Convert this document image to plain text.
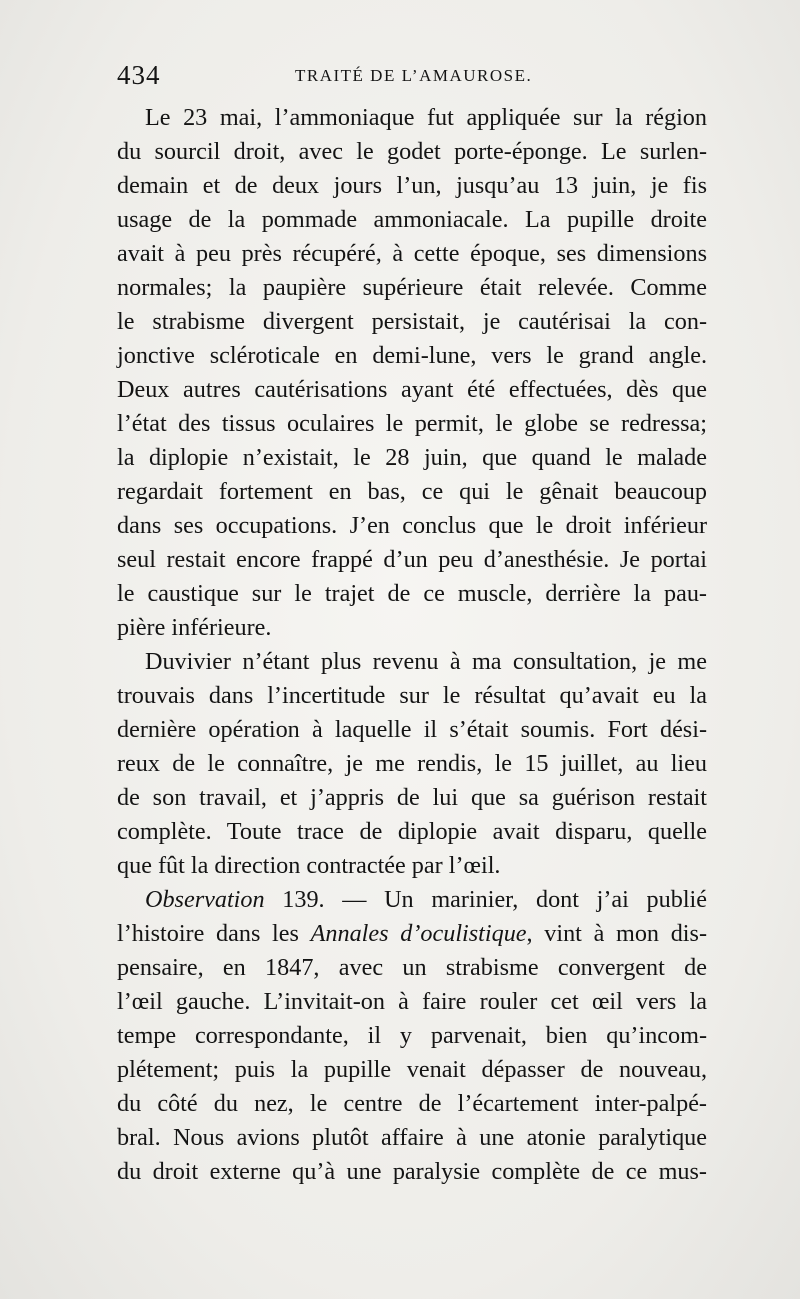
434	TRAITÉ DE L’AMAUROSE.
Le 23 mai, l’ammoniaque fut appliquée sur la région
du sourcil droit, avec le godet porte-éponge. Le surlen-
demain et de deux jours l’un, jusqu’au 13 juin, je fis
usage de la pommade ammoniacale. La pupille droite
avait à peu près récupéré, à cette époque, ses dimensions
normales; la paupière supérieure était relevée. Comme
le strabisme divergent persistait, je cautérisai la con-
jonctive scléroticale en demi-lune, vers le grand angle.
Deux autres cautérisations ayant été effectuées, dès que
l’état des tissus oculaires le permit, le globe se redressa;
la diplopie n’existait, le 28 juin, que quand le malade
regardait fortement en bas, ce qui le gênait beaucoup
dans ses occupations. J’en conclus que le droit inférieur
seul restait encore frappé d’un peu d’anesthésie. Je portai
le caustique sur le trajet de ce muscle, derrière la pau-
pière inférieure.
Duvivier n’étant plus revenu à ma consultation, je me
trouvais dans l’incertitude sur le résultat qu’avait eu la
dernière opération à laquelle il s’était soumis. Fort dési-
reux de le connaître, je me rendis, le 15 juillet, au lieu
de son travail, et j’appris de lui que sa guérison restait
complète. Toute trace de diplopie avait disparu, quelle
que fût la direction contractée par l’œil.
Observation 139. — Un marinier, dont j’ai publié
l’histoire dans les Annales d’oculistique, vint à mon dis-
pensaire, en 1847, avec un strabisme convergent de
l’œil gauche. L’invitait-on à faire rouler cet œil vers la
tempe correspondante, il y parvenait, bien qu’incom-
plétement; puis la pupille venait dépasser de nouveau,
du côté du nez, le centre de l’écartement inter-palpé-
bral. Nous avions plutôt affaire à une atonie paralytique
du droit externe qu’à une paralysie complète de ce mus-
